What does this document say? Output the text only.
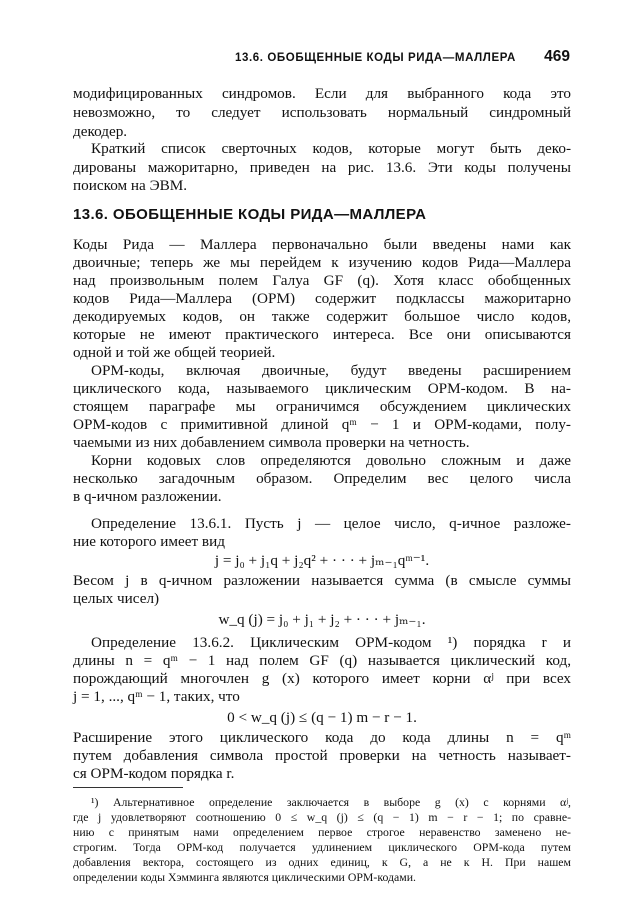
13.6. ОБОБЩЕННЫЕ КОДЫ РИДА—МАЛЛЕРА 469
модифицированных синдромов. Если для выбранного кода это
невозможно, то следует использовать нормальный синдромный
декодер.
Краткий список сверточных кодов, которые могут быть деко-
дированы мажоритарно, приведен на рис. 13.6. Эти коды получены
поиском на ЭВМ.
13.6. ОБОБЩЕННЫЕ КОДЫ РИДА—МАЛЛЕРА
Коды Рида — Маллера первоначально были введены нами как
двоичные; теперь же мы перейдем к изучению кодов Рида—Маллера
над произвольным полем Галуа GF (q). Хотя класс обобщенных
кодов Рида—Маллера (ОРМ) содержит подклассы мажоритарно
декодируемых кодов, он также содержит большое число кодов,
которые не имеют практического интереса. Все они описываются
одной и той же общей теорией.
ОРМ-коды, включая двоичные, будут введены расширением
циклического кода, называемого циклическим ОРМ-кодом. В на-
стоящем параграфе мы ограничимся обсуждением циклических
ОРМ-кодов с примитивной длиной qᵐ − 1 и ОРМ-кодами, полу-
чаемыми из них добавлением символа проверки на четность.
Корни кодовых слов определяются довольно сложным и даже
несколько загадочным образом. Определим вес целого числа
в q-ичном разложении.
Определение 13.6.1. Пусть j — целое число, q-ичное разложе-
ние которого имеет вид
j = j₀ + j₁q + j₂q² + · · · + jₘ₋₁qᵐ⁻¹.
Весом j в q-ичном разложении называется сумма (в смысле суммы
целых чисел)
w_q (j) = j₀ + j₁ + j₂ + · · · + jₘ₋₁.
Определение 13.6.2. Циклическим ОРМ-кодом ¹) порядка r и
длины n = qᵐ − 1 над полем GF (q) называется циклический код,
порождающий многочлен g (x) которого имеет корни αʲ при всех
j = 1, ..., qᵐ − 1, таких, что
0 < w_q (j) ≤ (q − 1) m − r − 1.
Расширение этого циклического кода до кода длины n = qᵐ
путем добавления символа простой проверки на четность называет-
ся ОРМ-кодом порядка r.
¹) Альтернативное определение заключается в выборе g (x) с корнями αʲ,
где j удовлетворяют соотношению 0 ≤ w_q (j) ≤ (q − 1) m − r − 1; по сравне-
нию с принятым нами определением первое строгое неравенство заменено не-
строгим. Тогда ОРМ-код получается удлинением циклического ОРМ-кода путем
добавления вектора, состоящего из одних единиц, к G, а не к H. При нашем
определении коды Хэмминга являются циклическими ОРМ-кодами.
